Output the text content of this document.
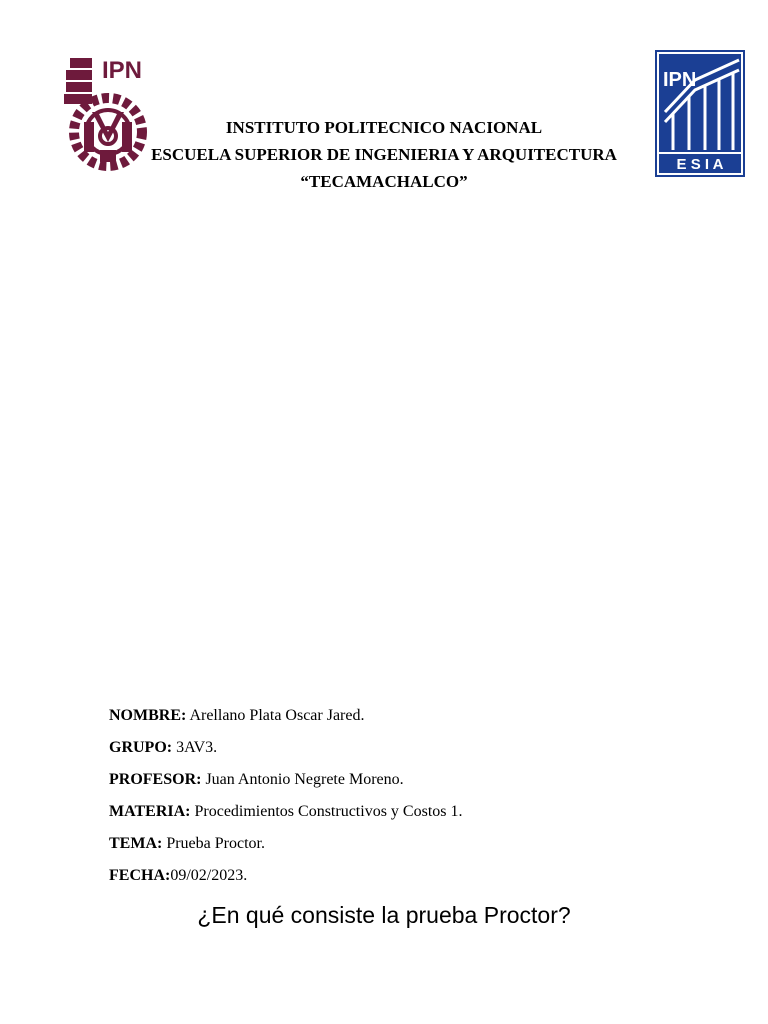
IPN	IPN
E S I A
INSTITUTO POLITECNICO NACIONAL
ESCUELA SUPERIOR DE INGENIERIA Y ARQUITECTURA
“TECAMACHALCO”
NOMBRE: Arellano Plata Oscar Jared.
GRUPO: 3AV3.
PROFESOR: Juan Antonio Negrete Moreno.
MATERIA: Procedimientos Constructivos y Costos 1.
TEMA: Prueba Proctor.
FECHA:09/02/2023.
¿En qué consiste la prueba Proctor?
